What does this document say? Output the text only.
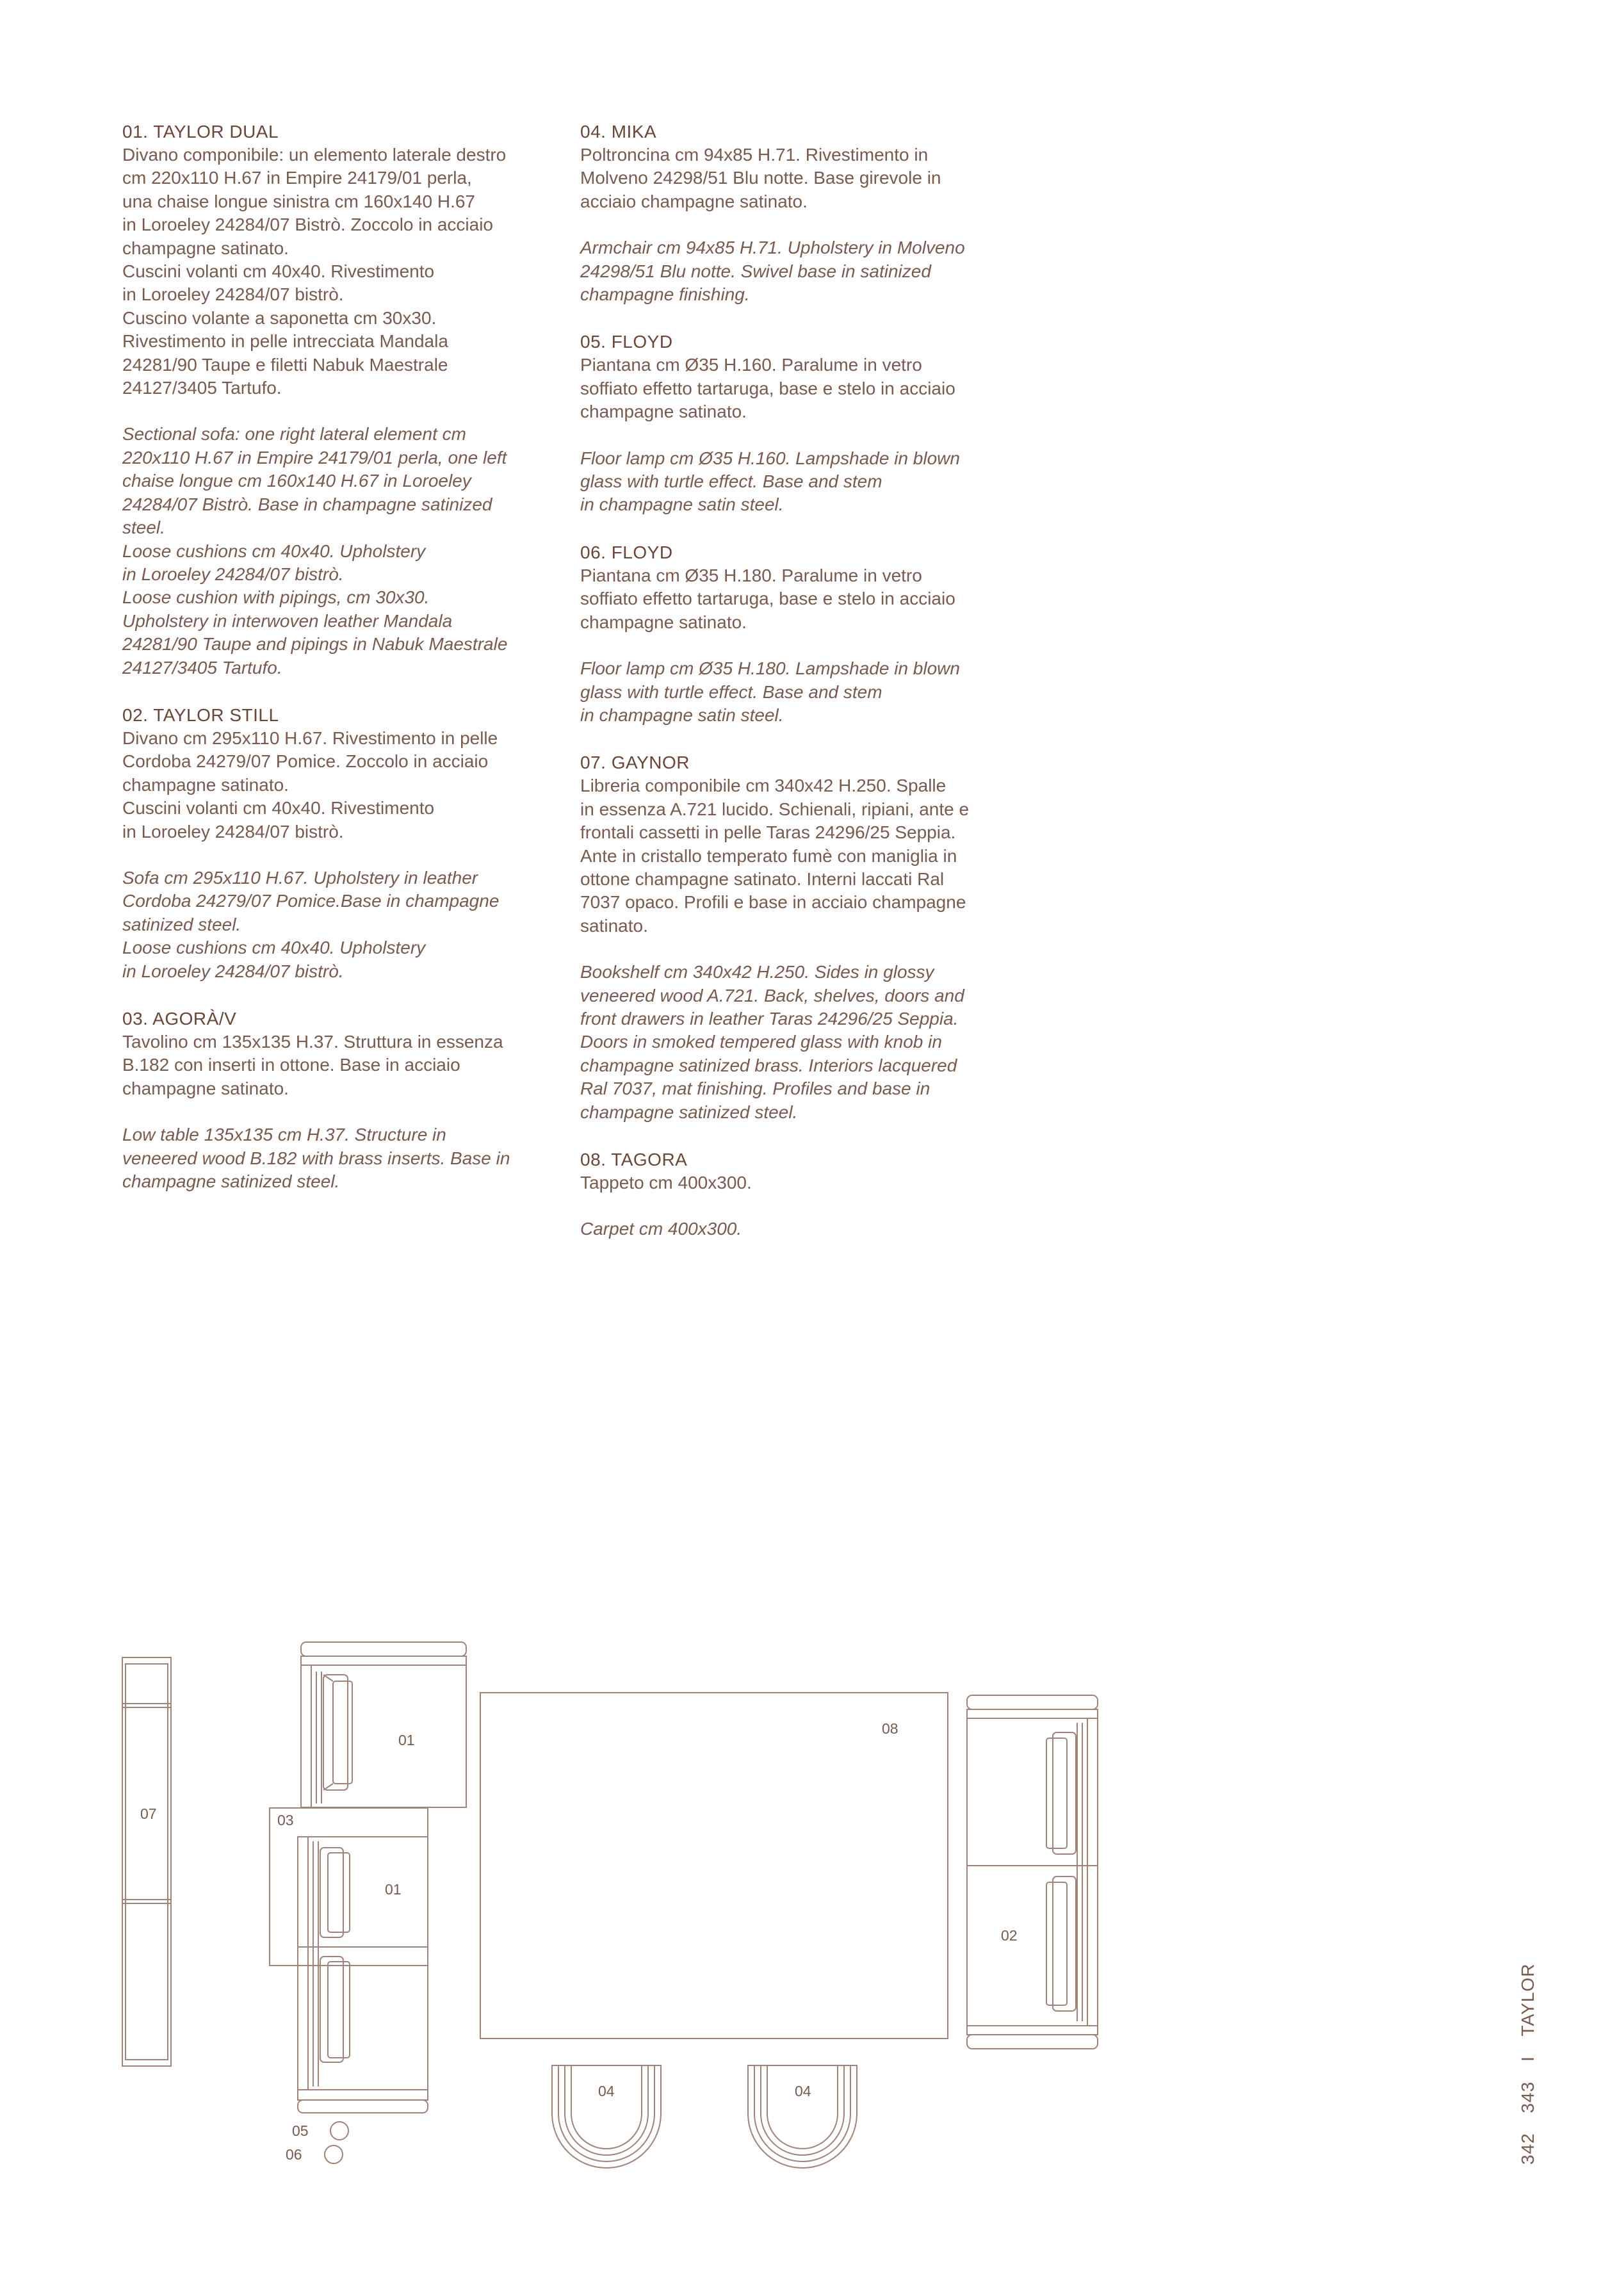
01. TAYLOR DUAL
Divano componibile: un elemento laterale destro
cm 220x110 H.67 in Empire 24179/01 perla,
una chaise longue sinistra cm 160x140 H.67
in Loroeley 24284/07 Bistrò. Zoccolo in acciaio
champagne satinato.
Cuscini volanti cm 40x40. Rivestimento
in Loroeley 24284/07 bistrò.
Cuscino volante a saponetta cm 30x30.
Rivestimento in pelle intrecciata Mandala
24281/90 Taupe e filetti Nabuk Maestrale
24127/3405 Tartufo.
Sectional sofa: one right lateral element cm
220x110 H.67 in Empire 24179/01 perla, one left
chaise longue cm 160x140 H.67 in Loroeley
24284/07 Bistrò. Base in champagne satinized
steel.
Loose cushions cm 40x40. Upholstery
in Loroeley 24284/07 bistrò.
Loose cushion with pipings, cm 30x30.
Upholstery in interwoven leather Mandala
24281/90 Taupe and pipings in Nabuk Maestrale
24127/3405 Tartufo.
02. TAYLOR STILL
Divano cm 295x110 H.67. Rivestimento in pelle
Cordoba 24279/07 Pomice. Zoccolo in acciaio
champagne satinato.
Cuscini volanti cm 40x40. Rivestimento
in Loroeley 24284/07 bistrò.
Sofa cm 295x110 H.67. Upholstery in leather
Cordoba 24279/07 Pomice.Base in champagne
satinized steel.
Loose cushions cm 40x40. Upholstery
in Loroeley 24284/07 bistrò.
03. AGORÀ/V
Tavolino cm 135x135 H.37. Struttura in essenza
B.182 con inserti in ottone. Base in acciaio
champagne satinato.
Low table 135x135 cm H.37. Structure in
veneered wood B.182 with brass inserts. Base in
champagne satinized steel.
04. MIKA
Poltroncina cm 94x85 H.71. Rivestimento in
Molveno 24298/51 Blu notte. Base girevole in
acciaio champagne satinato.
Armchair cm 94x85 H.71. Upholstery in Molveno
24298/51 Blu notte. Swivel base in satinized
champagne finishing.
05. FLOYD
Piantana cm Ø35 H.160. Paralume in vetro
soffiato effetto tartaruga, base e stelo in acciaio
champagne satinato.
Floor lamp cm Ø35 H.160. Lampshade in blown
glass with turtle effect. Base and stem
in champagne satin steel.
06. FLOYD
Piantana cm Ø35 H.180. Paralume in vetro
soffiato effetto tartaruga, base e stelo in acciaio
champagne satinato.
Floor lamp cm Ø35 H.180. Lampshade in blown
glass with turtle effect. Base and stem
in champagne satin steel.
07. GAYNOR
Libreria componibile cm 340x42 H.250. Spalle
in essenza A.721 lucido. Schienali, ripiani, ante e
frontali cassetti in pelle Taras 24296/25 Seppia.
Ante in cristallo temperato fumè con maniglia in
ottone champagne satinato. Interni laccati Ral
7037 opaco. Profili e base in acciaio champagne
satinato.
Bookshelf cm 340x42 H.250. Sides in glossy
veneered wood A.721. Back, shelves, doors and
front drawers in leather Taras 24296/25 Seppia.
Doors in smoked tempered glass with knob in
champagne satinized brass. Interiors lacquered
Ral 7037, mat finishing. Profiles and base in
champagne satinized steel.
08. TAGORA
Tappeto cm 400x300.
Carpet cm 400x300.
07
01
03
01
08
02
04	04
05
06	342 343 I TAYLOR
